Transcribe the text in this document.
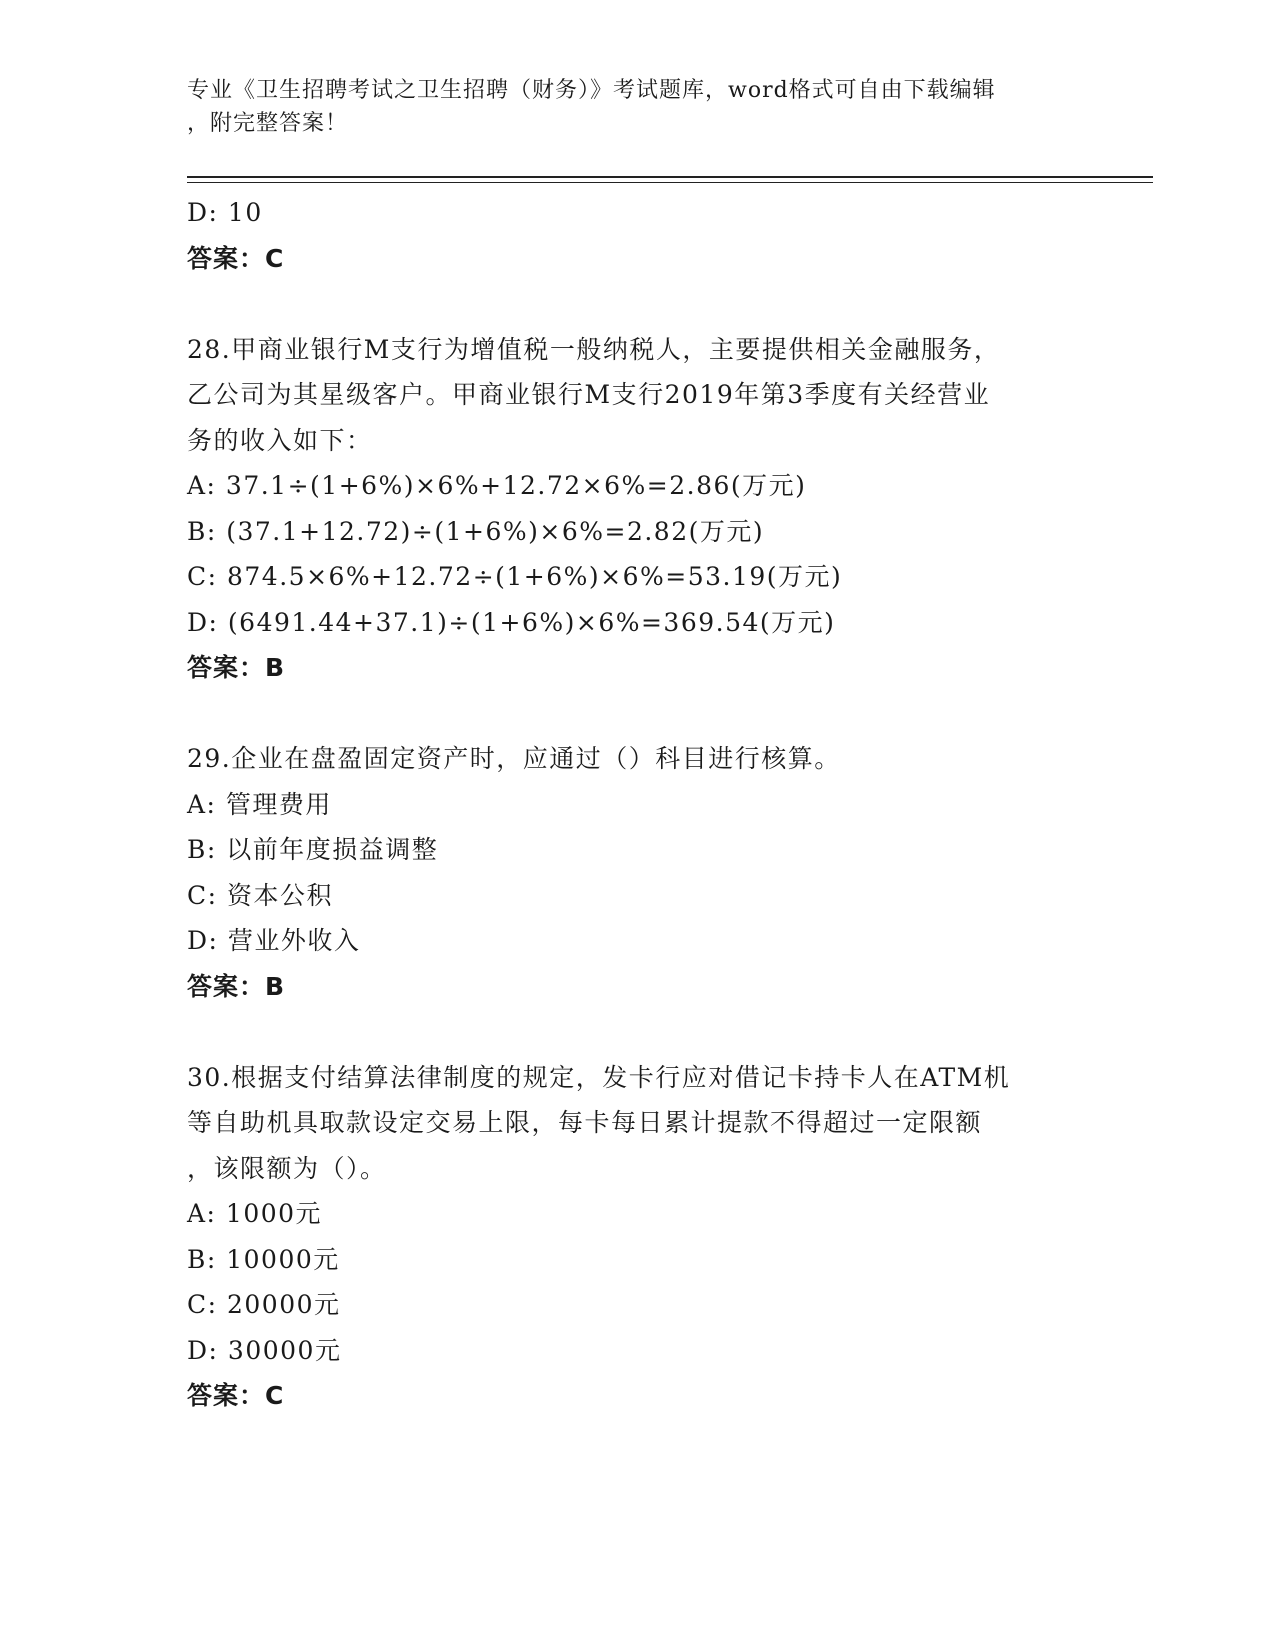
专业《卫生招聘考试之卫生招聘（财务）》考试题库，word格式可自由下载编辑
，附完整答案！
D: 10
答案：C
28.甲商业银行M支行为增值税一般纳税人，主要提供相关金融服务，
乙公司为其星级客户。甲商业银行M支行2019年第3季度有关经营业
务的收入如下：
A: 37.1÷(1+6%)×6%+12.72×6%=2.86(万元)
B: (37.1+12.72)÷(1+6%)×6%=2.82(万元)
C: 874.5×6%+12.72÷(1+6%)×6%=53.19(万元)
D: (6491.44+37.1)÷(1+6%)×6%=369.54(万元)
答案：B
29.企业在盘盈固定资产时，应通过（）科目进行核算。
A: 管理费用
B: 以前年度损益调整
C: 资本公积
D: 营业外收入
答案：B
30.根据支付结算法律制度的规定，发卡行应对借记卡持卡人在ATM机
等自助机具取款设定交易上限，每卡每日累计提款不得超过一定限额
，该限额为（）。
A: 1000元
B: 10000元
C: 20000元
D: 30000元
答案：C
